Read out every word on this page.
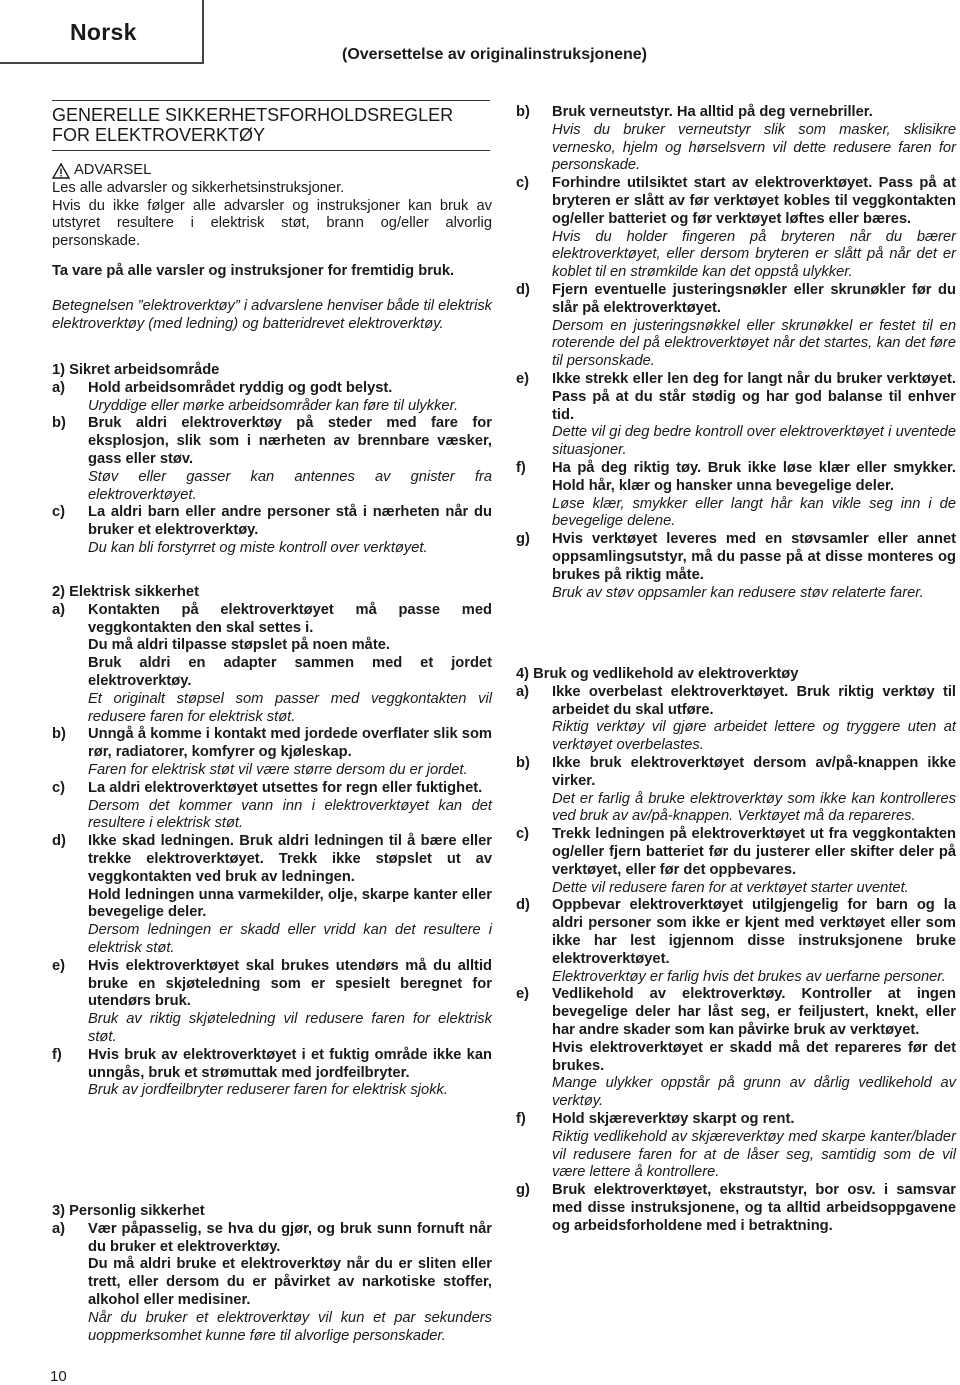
Norsk
(Oversettelse av originalinstruksjonene)
GENERELLE SIKKERHETSFORHOLDSREGLER
FOR ELEKTROVERKTØY
ADVARSEL

Les alle advarsler og sikkerhetsinstruksjoner.

Hvis du ikke følger alle advarsler og instruksjoner kan bruk av utstyret resultere i elektrisk støt, brann og/eller alvorlig personskade.

Ta vare på alle varsler og instruksjoner for fremtidig bruk.

Betegnelsen ”elektroverktøy” i advarslene henviser både til elektrisk elektroverktøy (med ledning) og batteridrevet elektroverktøy.

1) Sikret arbeidsområde
a)	Hold arbeidsområdet ryddig og godt belyst.

Uryddige eller mørke arbeidsområder kan føre til ulykker.

b)	Bruk aldri elektroverktøy på steder med fare for eksplosjon, slik som i nærheten av brennbare væsker, gass eller støv.

Støv eller gasser kan antennes av gnister fra elektroverktøyet.

c)	La aldri barn eller andre personer stå i nærheten når du bruker et elektroverktøy.

Du kan bli forstyrret og miste kontroll over verktøyet.

2) Elektrisk sikkerhet
a)	Kontakten på elektroverktøyet må passe med veggkontakten den skal settes i.

Du må aldri tilpasse støpslet på noen måte.

Bruk aldri en adapter sammen med et jordet elektroverktøy.

Et originalt støpsel som passer med veggkontakten vil redusere faren for elektrisk støt.

b)	Unngå å komme i kontakt med jordede overflater slik som rør, radiatorer, komfyrer og kjøleskap.

Faren for elektrisk støt vil være større dersom du er jordet.

c)	La aldri elektroverktøyet utsettes for regn eller fuktighet.

Dersom det kommer vann inn i elektroverktøyet kan det resultere i elektrisk støt.

d)	Ikke skad ledningen. Bruk aldri ledningen til å bære eller trekke elektroverktøyet. Trekk ikke støpslet ut av veggkontakten ved bruk av ledningen.

Hold ledningen unna varmekilder, olje, skarpe kanter eller bevegelige deler.

Dersom ledningen er skadd eller vridd kan det resultere i elektrisk støt.

e)	Hvis elektroverktøyet skal brukes utendørs må du alltid bruke en skjøteledning som er spesielt beregnet for utendørs bruk.

Bruk av riktig skjøteledning vil redusere faren for elektrisk støt.

f)	Hvis bruk av elektroverktøyet i et fuktig område ikke kan unngås, bruk et strømuttak med jordfeilbryter.

Bruk av jordfeilbryter reduserer faren for elektrisk sjokk.

3) Personlig sikkerhet
a)	Vær påpasselig, se hva du gjør, og bruk sunn fornuft når du bruker et elektroverktøy.

Du må aldri bruke et elektroverktøy når du er sliten eller trett, eller dersom du er påvirket av narkotiske stoffer, alkohol eller medisiner.

Når du bruker et elektroverktøy vil kun et par sekunders uoppmerksomhet kunne føre til alvorlige personskader.

b)	Bruk verneutstyr. Ha alltid på deg vernebriller.

Hvis du bruker verneutstyr slik som masker, sklisikre vernesko, hjelm og hørselsvern vil dette redusere faren for personskade.

c)	Forhindre utilsiktet start av elektroverktøyet. Pass på at bryteren er slått av før verktøyet kobles til veggkontakten og/eller batteriet og før verktøyet løftes eller bæres.

Hvis du holder fingeren på bryteren når du bærer elektroverktøyet, eller dersom bryteren er slått på når det er koblet til en strømkilde kan det oppstå ulykker.

d)	Fjern eventuelle justeringsnøkler eller skrunøkler før du slår på elektroverktøyet.

Dersom en justeringsnøkkel eller skrunøkkel er festet til en roterende del på elektroverktøyet når det startes, kan det føre til personskade.

e)	Ikke strekk eller len deg for langt når du bruker verktøyet. Pass på at du står stødig og har god balanse til enhver tid.

Dette vil gi deg bedre kontroll over elektroverktøyet i uventede situasjoner.

f)	Ha på deg riktig tøy. Bruk ikke løse klær eller smykker. Hold hår, klær og hansker unna bevegelige deler.

Løse klær, smykker eller langt hår kan vikle seg inn i de bevegelige delene.

g)	Hvis verktøyet leveres med en støvsamler eller annet oppsamlingsutstyr, må du passe på at disse monteres og brukes på riktig måte.

Bruk av støv oppsamler kan redusere støv relaterte farer.

4) Bruk og vedlikehold av elektroverktøy
a)	Ikke overbelast elektroverktøyet. Bruk riktig verktøy til arbeidet du skal utføre.

Riktig verktøy vil gjøre arbeidet lettere og tryggere uten at verktøyet overbelastes.

b)	Ikke bruk elektroverktøyet dersom av/på-knappen ikke virker.

Det er farlig å bruke elektroverktøy som ikke kan kontrolleres ved bruk av av/på-knappen. Verktøyet må da repareres.

c)	Trekk ledningen på elektroverktøyet ut fra veggkontakten og/eller fjern batteriet før du justerer eller skifter deler på verktøyet, eller før det oppbevares.

Dette vil redusere faren for at verktøyet starter uventet.

d)	Oppbevar elektroverktøyet utilgjengelig for barn og la aldri personer som ikke er kjent med verktøyet eller som ikke har lest igjennom disse instruksjonene bruke elektroverktøyet.

Elektroverktøy er farlig hvis det brukes av uerfarne personer.

e)	Vedlikehold av elektroverktøy. Kontroller at ingen bevegelige deler har låst seg, er feiljustert, knekt, eller har andre skader som kan påvirke bruk av verktøyet.

Hvis elektroverktøyet er skadd må det repareres før det brukes.

Mange ulykker oppstår på grunn av dårlig vedlikehold av verktøy.

f)	Hold skjæreverktøy skarpt og rent.

Riktig vedlikehold av skjæreverktøy med skarpe kanter/blader vil redusere faren for at de låser seg, samtidig som de vil være lettere å kontrollere.

g)	Bruk elektroverktøyet, ekstrautstyr, bor osv. i samsvar med disse instruksjonene, og ta alltid arbeidsoppgavene og arbeidsforholdene med i betraktning.

10
